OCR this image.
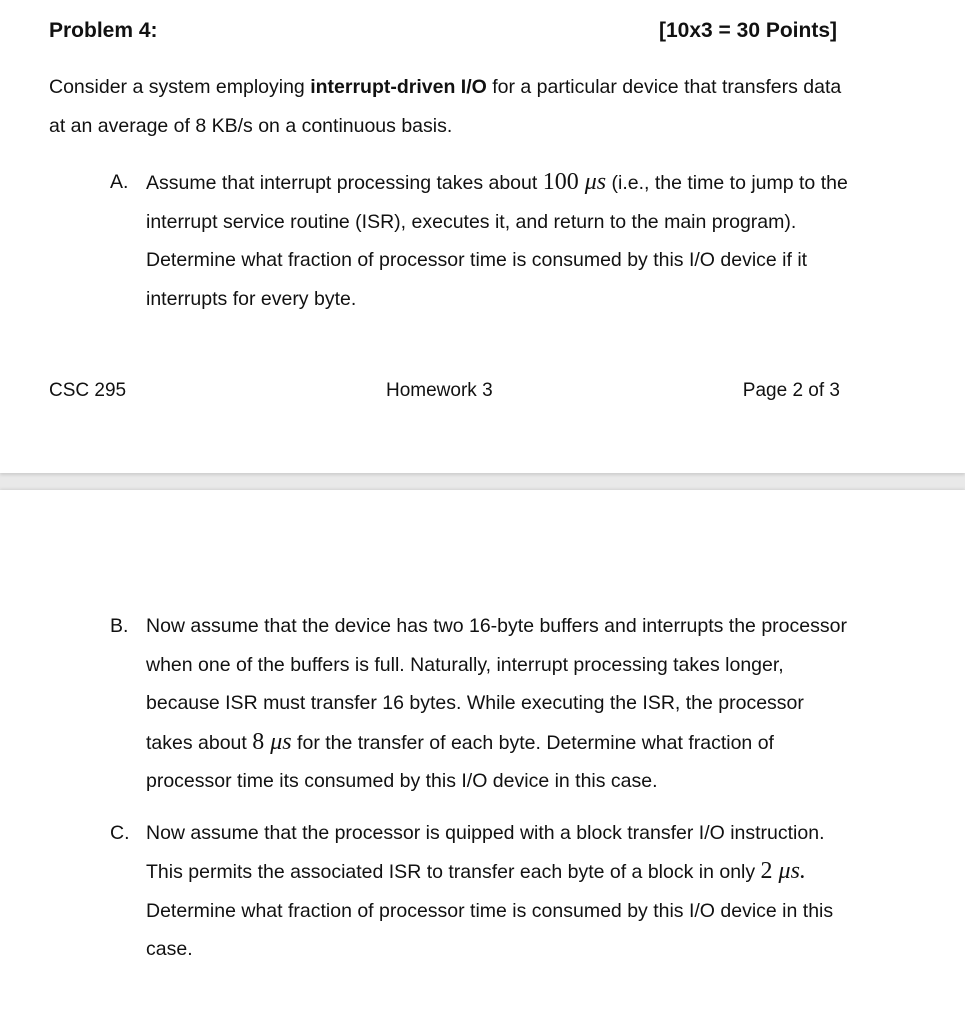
Problem 4:	[10x3 = 30 Points]
Consider a system employing interrupt-driven I/O for a particular device that transfers data at an average of 8 KB/s on a continuous basis.
A. Assume that interrupt processing takes about 100 μs (i.e., the time to jump to the interrupt service routine (ISR), executes it, and return to the main program). Determine what fraction of processor time is consumed by this I/O device if it interrupts for every byte.
CSC 295	Homework 3	Page 2 of 3
B. Now assume that the device has two 16-byte buffers and interrupts the processor when one of the buffers is full. Naturally, interrupt processing takes longer, because ISR must transfer 16 bytes. While executing the ISR, the processor takes about 8 μs for the transfer of each byte. Determine what fraction of processor time its consumed by this I/O device in this case.
C. Now assume that the processor is quipped with a block transfer I/O instruction. This permits the associated ISR to transfer each byte of a block in only 2 μs. Determine what fraction of processor time is consumed by this I/O device in this case.
